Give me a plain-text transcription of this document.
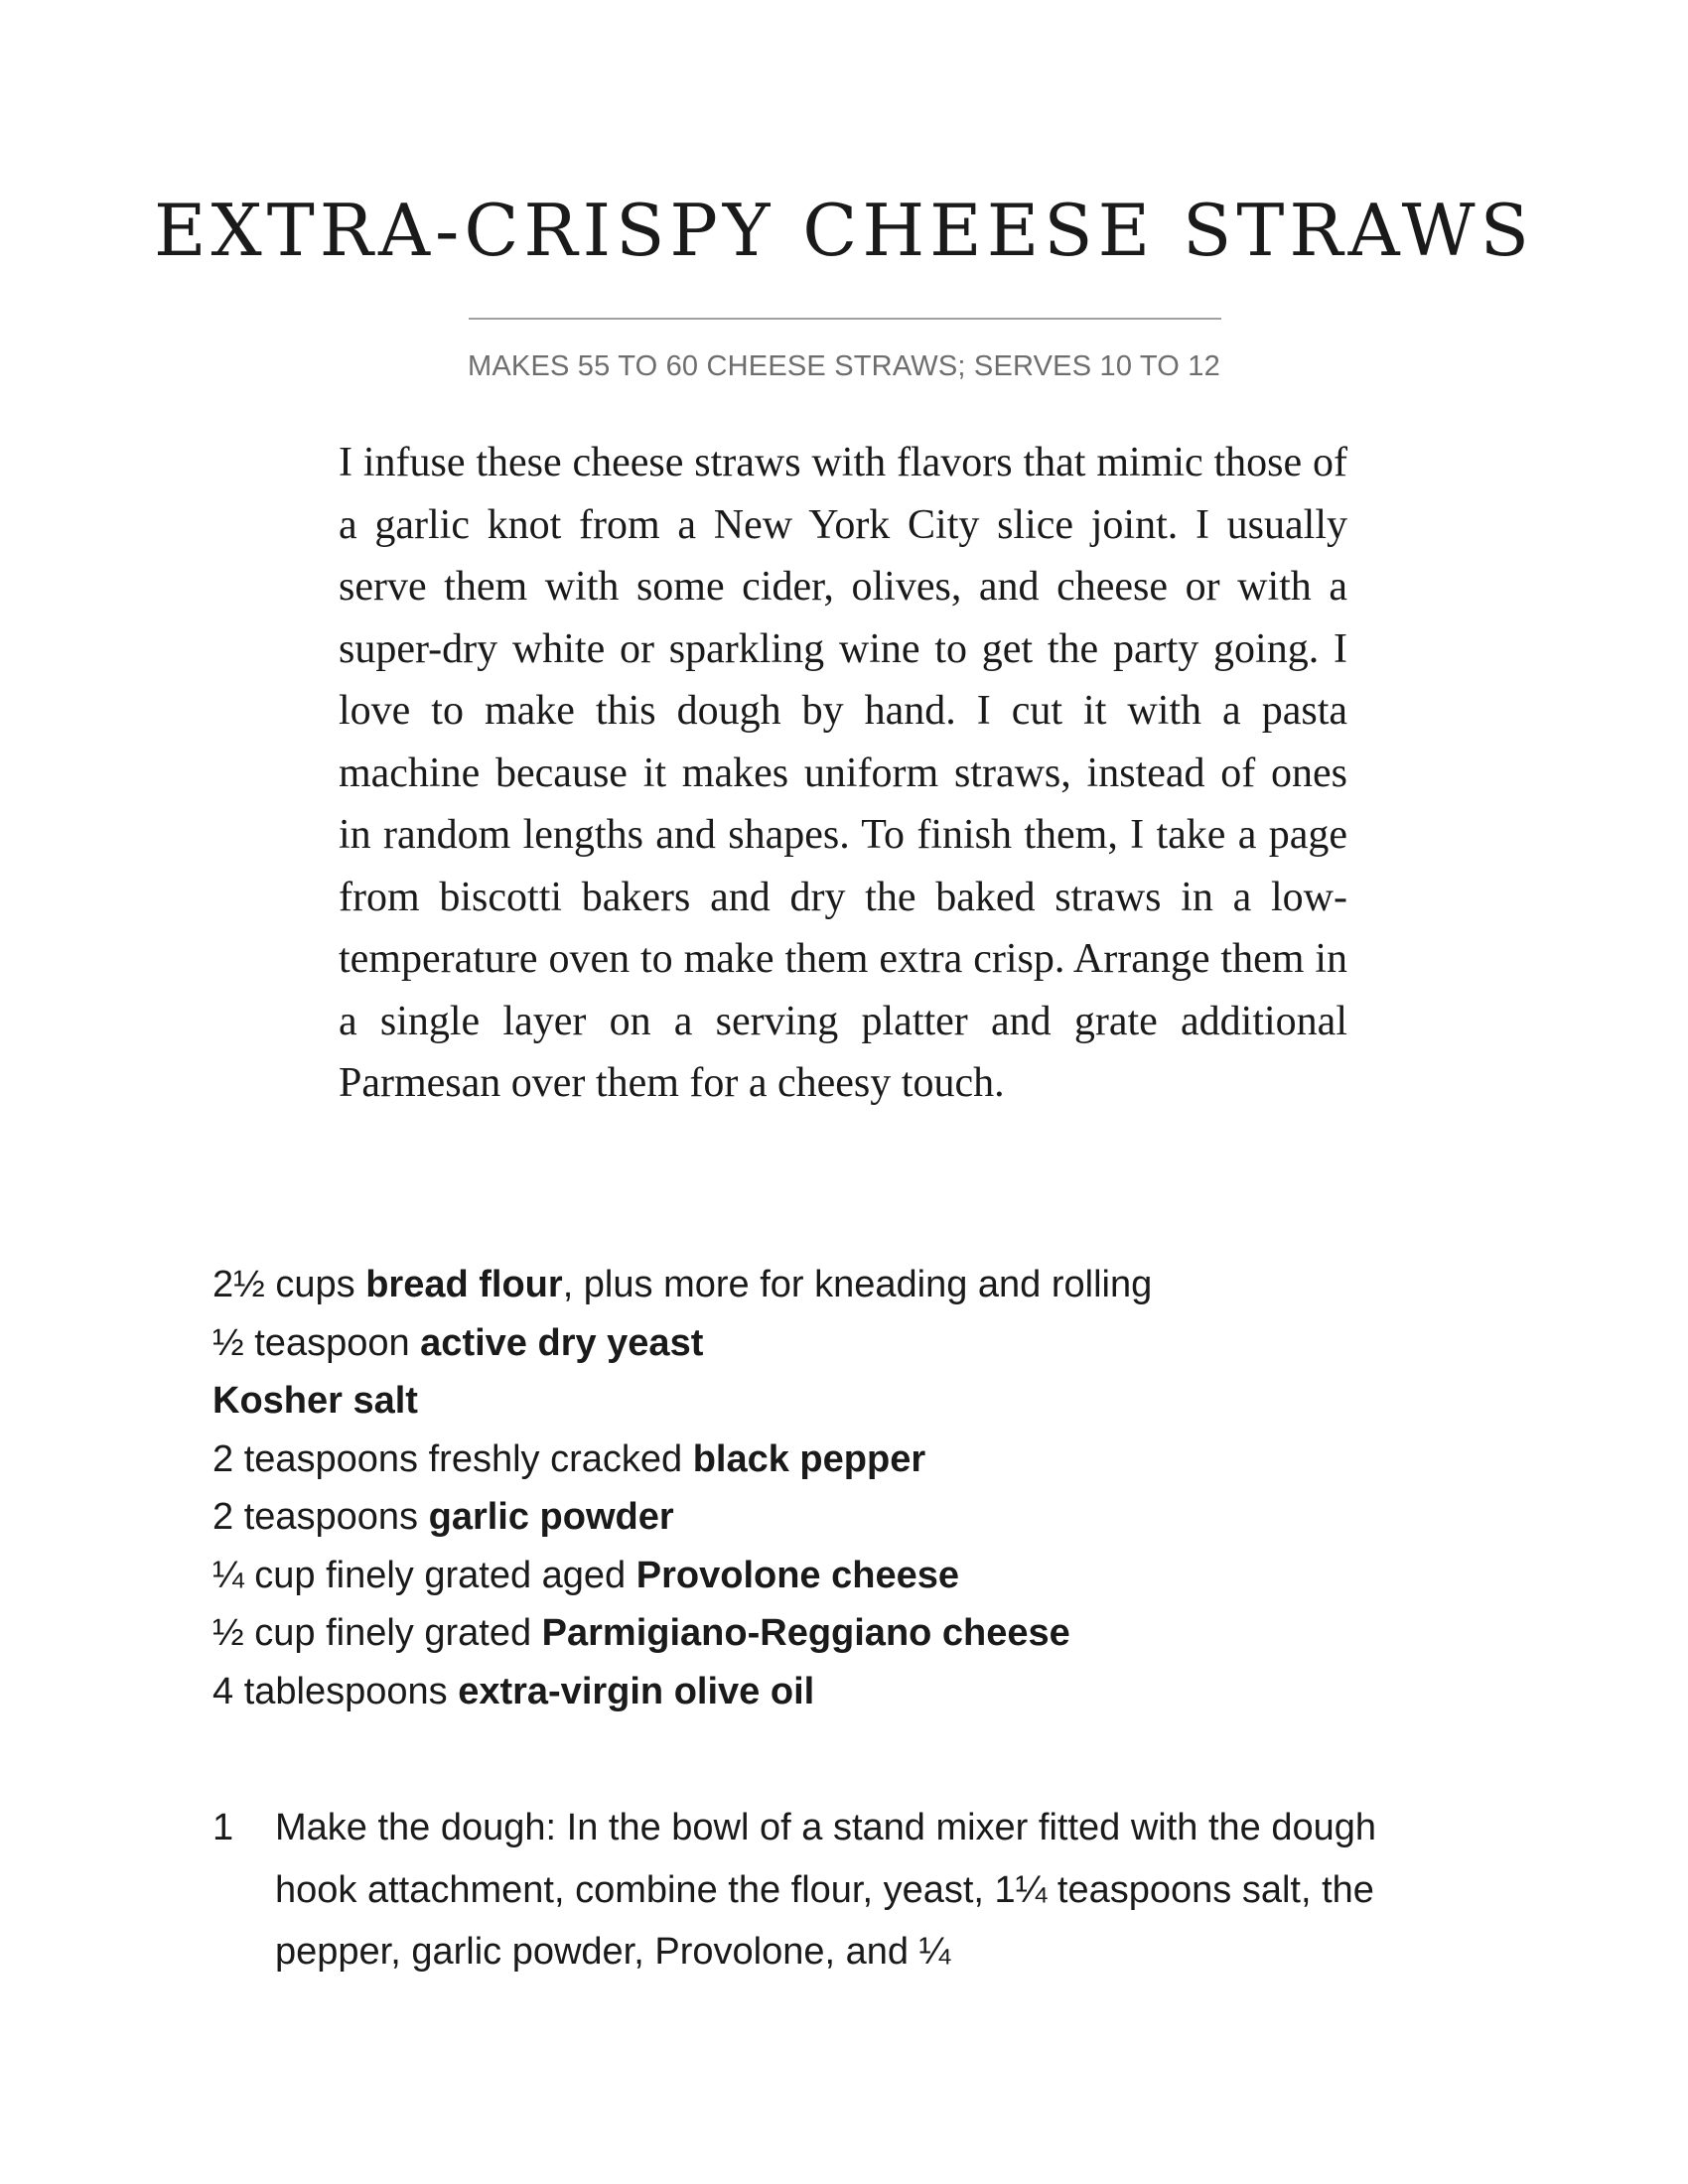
EXTRA-CRISPY CHEESE STRAWS
MAKES 55 TO 60 CHEESE STRAWS; SERVES 10 TO 12

I infuse these cheese straws with flavors that mimic those of a garlic knot from a New York City slice joint. I usually serve them with some cider, olives, and cheese or with a super-dry white or sparkling wine to get the party going. I love to make this dough by hand. I cut it with a pasta machine because it makes uniform straws, instead of ones in random lengths and shapes. To finish them, I take a page from biscotti bakers and dry the baked straws in a low-temperature oven to make them extra crisp. Arrange them in a single layer on a serving platter and grate additional Parmesan over them for a cheesy touch.

2½ cups bread flour, plus more for kneading and rolling
½ teaspoon active dry yeast
Kosher salt
2 teaspoons freshly cracked black pepper
2 teaspoons garlic powder
¼ cup finely grated aged Provolone cheese
½ cup finely grated Parmigiano-Reggiano cheese
4 tablespoons extra-virgin olive oil
1 Make the dough: In the bowl of a stand mixer fitted with the dough hook attachment, combine the flour, yeast, 1¼ teaspoons salt, the pepper, garlic powder, Provolone, and ¼
